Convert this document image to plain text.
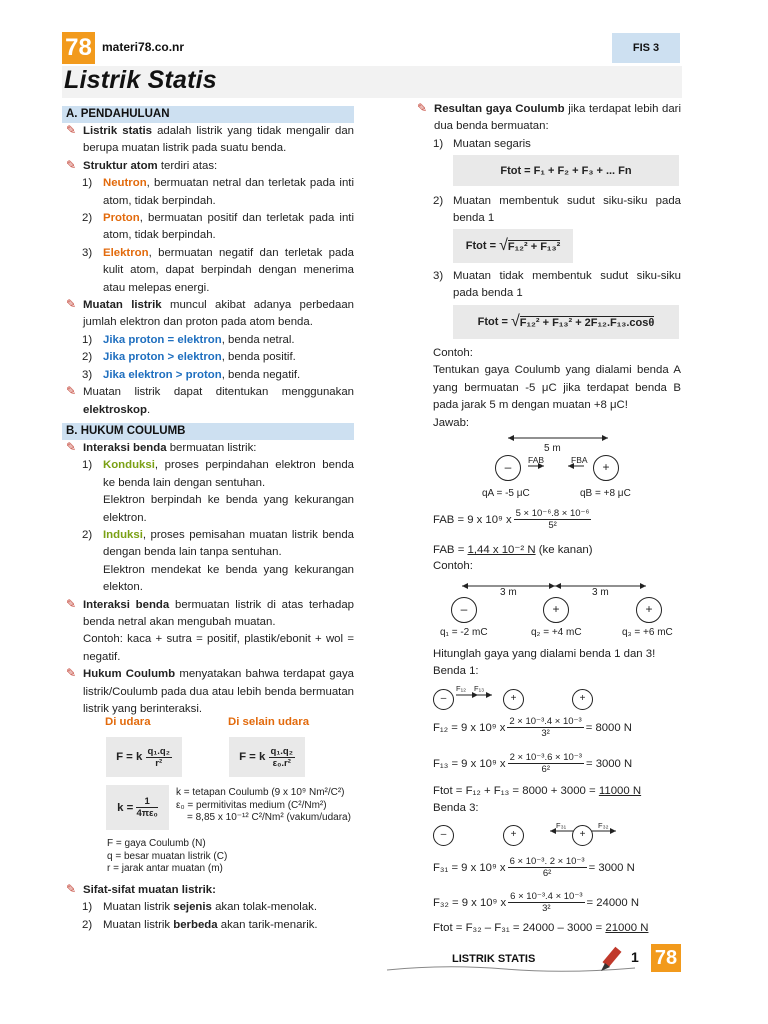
78 materi78.co.nr	FIS 3
Listrik Statis
A. PENDAHULUAN
✎ Listrik statis adalah listrik yang tidak mengalir dan berupa muatan listrik pada suatu benda.
✎ Struktur atom terdiri atas:
1) Neutron, bermuatan netral dan terletak pada inti atom, tidak berpindah.
2) Proton, bermuatan positif dan terletak pada inti atom, tidak berpindah.
3) Elektron, bermuatan negatif dan terletak pada kulit atom, dapat berpindah dengan menerima atau melepas energi.
✎ Muatan listrik muncul akibat adanya perbedaan jumlah elektron dan proton pada atom benda.
1) Jika proton = elektron, benda netral.
2) Jika proton > elektron, benda positif.
3) Jika elektron > proton, benda negatif.
✎ Muatan listrik dapat ditentukan menggunakan elektroskop.
B. HUKUM COULUMB
✎ Interaksi benda bermuatan listrik:
1) Konduksi, proses perpindahan elektron benda ke benda lain dengan sentuhan.
Elektron berpindah ke benda yang kekurangan elektron.
2) Induksi, proses pemisahan muatan listrik benda dengan benda lain tanpa sentuhan.
Elektron mendekat ke benda yang kekurangan elekton.
✎ Interaksi benda bermuatan listrik di atas terhadap benda netral akan mengubah muatan.
Contoh: kaca + sutra = positif, plastik/ebonit + wol = negatif.
✎ Hukum Coulumb menyatakan bahwa terdapat gaya listrik/Coulumb pada dua atau lebih benda bermuatan listrik yang berinteraksi.
Di udara	Di selain udara
F = k
$\frac{\text{q₁.q₂}}{\text{r²}}$	F = k
$\frac{\text{q₁.q₂}}{\text{ε₀.r²}}$
k =
$\frac{1}{\text{4πε₀}}$
k = tetapan Coulumb (9 x 10⁹ Nm²/C²)
ε₀ = permitivitas medium (C²/Nm²)
= 8,85 x 10⁻¹² C²/Nm² (vakum/udara)
F = gaya Coulumb (N)
q = besar muatan listrik (C)
r = jarak antar muatan (m)
✎ Sifat-sifat muatan listrik:
1) Muatan listrik sejenis akan tolak-menolak.
2) Muatan listrik berbeda akan tarik-menarik.
✎ Resultan gaya Coulumb jika terdapat lebih dari dua benda bermuatan:
1) Muatan segaris
Ftot = F₁ + F₂ + F₃ + ... Fn
2) Muatan membentuk sudut siku-siku pada benda 1
Ftot =
√ F₁₂² + F₁₃²
3) Muatan tidak membentuk sudut siku-siku pada benda 1
Ftot =
√ F₁₂² + F₁₃² + 2F₁₂.F₁₃.cosθ
Contoh:
Tentukan gaya Coulumb yang dialami benda A yang bermuatan -5 μC jika terdapat benda B pada jarak 5 m dengan muatan +8 μC!
Jawab:
5 m
FAB	FBA
–	+
qA = -5 μC	qB = +8 μC
FAB = 9 x 10⁹ x $\frac{\text{5 × 10⁻⁶.8 × 10⁻⁶}}{\text{5²}}$
FAB = 1,44 x 10⁻² N (ke kanan)
Contoh:
3 m	3 m
–	+	+
q₁ = -2 mC	q₂ = +4 mC	q₃ = +6 mC
Hitunglah gaya yang dialami benda 1 dan 3!
Benda 1:
F₁₂ F₁₃
–	+	+
F₁₂ = 9 x 10⁹ x $\frac{\text{2 × 10⁻³.4 × 10⁻³}}{\text{3²}} = 8000$ N
F₁₃ = 9 x 10⁹ x $\frac{\text{2 × 10⁻³.6 × 10⁻³}}{\text{6²}} = 3000$ N
Ftot = F₁₂ + F₁₃ = 8000 + 3000 = 11000 N
Benda 3:
F₃₁	F₃₂
–	+	+
F₃₁ = 9 x 10⁹ x $\frac{\text{6 × 10⁻³. 2 × 10⁻³}}{\text{6²}} = 3000$ N
F₃₂ = 9 x 10⁹ x $\frac{\text{6 × 10⁻³.4 × 10⁻³}}{\text{3²}} = 24000$ N
Ftot = F₃₂ – F₃₁ = 24000 – 3000 = 21000 N
LISTRIK STATIS	1 78
